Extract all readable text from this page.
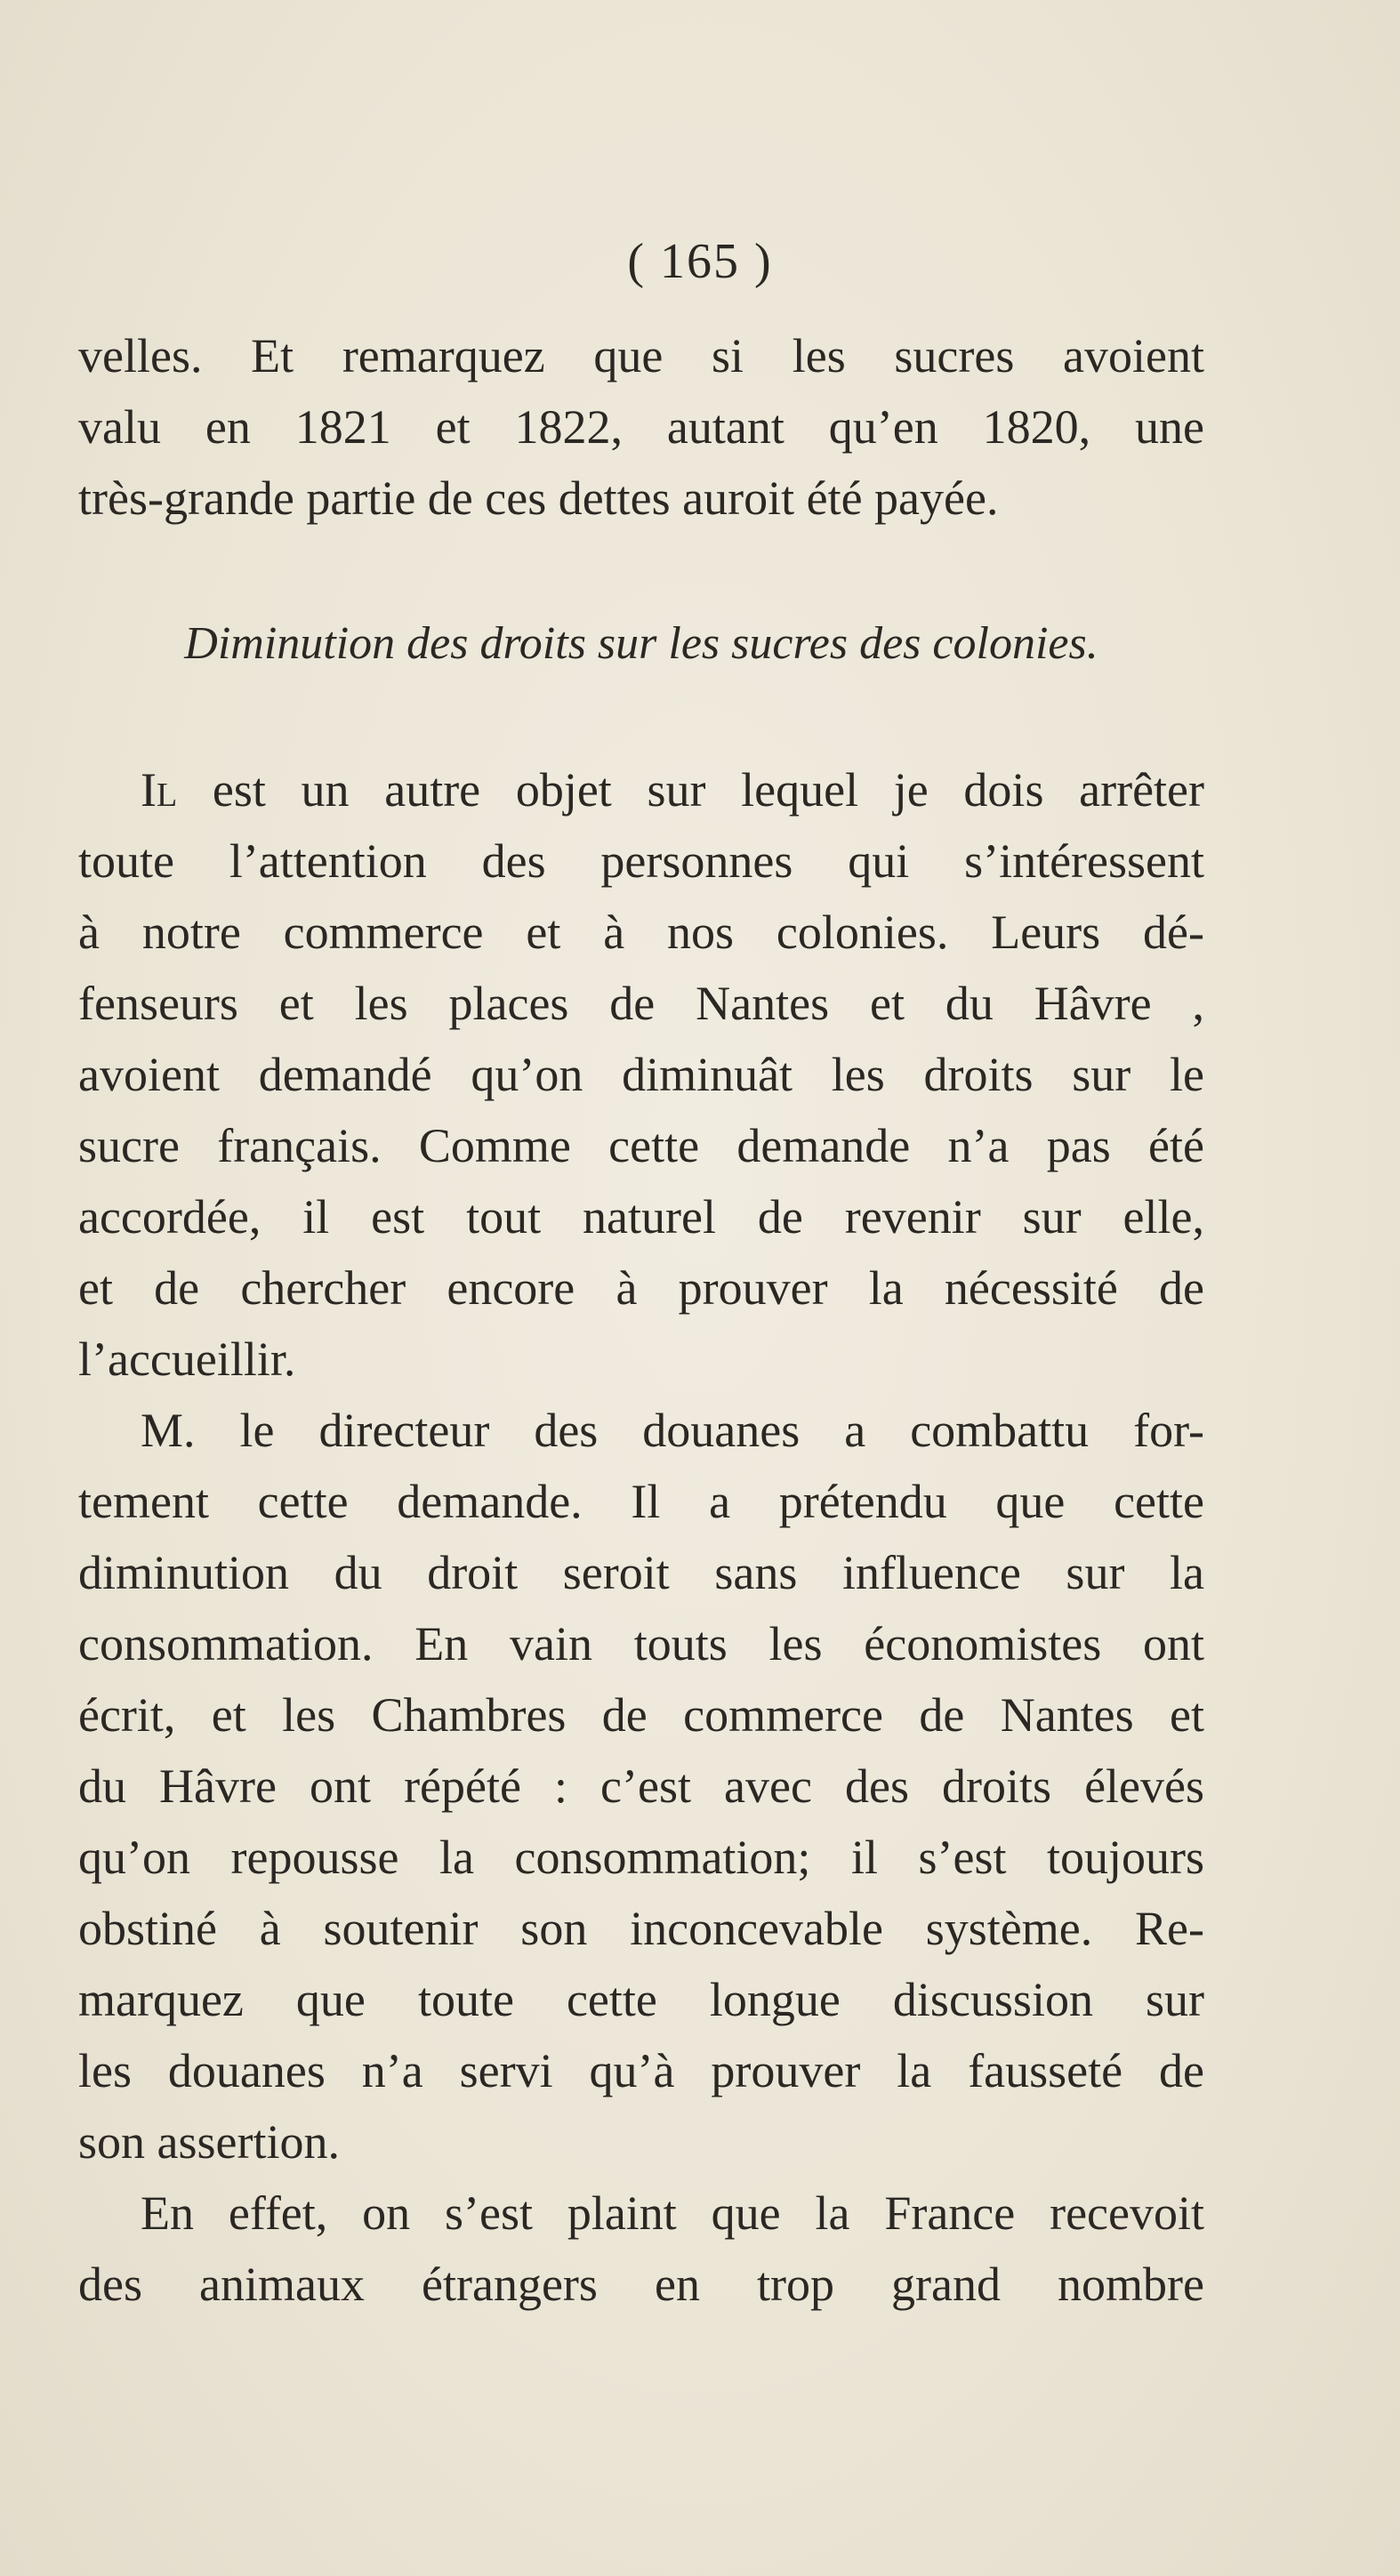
( 165 )
velles. Et remarquez que si les sucres avoient
valu en 1821 et 1822, autant qu’en 1820, une
très-grande partie de ces dettes auroit été payée.
Diminution des droits sur les sucres des colonies.
Il est un autre objet sur lequel je dois arrêter
toute l’attention des personnes qui s’intéressent
à notre commerce et à nos colonies. Leurs dé-
fenseurs et les places de Nantes et du Hâvre ,
avoient demandé qu’on diminuât les droits sur le
sucre français. Comme cette demande n’a pas été
accordée, il est tout naturel de revenir sur elle,
et de chercher encore à prouver la nécessité de
l’accueillir.
M. le directeur des douanes a combattu for-
tement cette demande. Il a prétendu que cette
diminution du droit seroit sans influence sur la
consommation. En vain touts les économistes ont
écrit, et les Chambres de commerce de Nantes et
du Hâvre ont répété : c’est avec des droits élevés
qu’on repousse la consommation; il s’est toujours
obstiné à soutenir son inconcevable système. Re-
marquez que toute cette longue discussion sur
les douanes n’a servi qu’à prouver la fausseté de
son assertion.
En effet, on s’est plaint que la France recevoit
des animaux étrangers en trop grand nombre
